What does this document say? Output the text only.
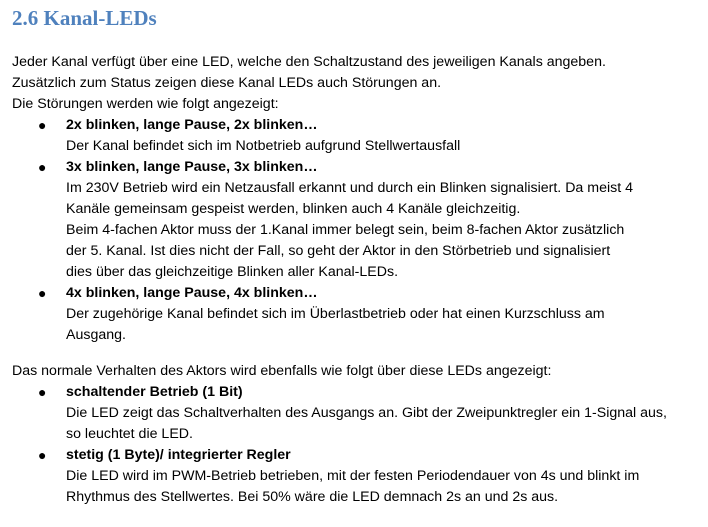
2.6 Kanal-LEDs
Jeder Kanal verfügt über eine LED, welche den Schaltzustand des jeweiligen Kanals angeben.
Zusätzlich zum Status zeigen diese Kanal LEDs auch Störungen an.
Die Störungen werden wie folgt angezeigt:
● 2x blinken, lange Pause, 2x blinken…
Der Kanal befindet sich im Notbetrieb aufgrund Stellwertausfall
● 3x blinken, lange Pause, 3x blinken…
Im 230V Betrieb wird ein Netzausfall erkannt und durch ein Blinken signalisiert. Da meist 4
Kanäle gemeinsam gespeist werden, blinken auch 4 Kanäle gleichzeitig.
Beim 4-fachen Aktor muss der 1.Kanal immer belegt sein, beim 8-fachen Aktor zusätzlich
der 5. Kanal. Ist dies nicht der Fall, so geht der Aktor in den Störbetrieb und signalisiert
dies über das gleichzeitige Blinken aller Kanal-LEDs.
● 4x blinken, lange Pause, 4x blinken…
Der zugehörige Kanal befindet sich im Überlastbetrieb oder hat einen Kurzschluss am
Ausgang.
Das normale Verhalten des Aktors wird ebenfalls wie folgt über diese LEDs angezeigt:
● schaltender Betrieb (1 Bit)
Die LED zeigt das Schaltverhalten des Ausgangs an. Gibt der Zweipunktregler ein 1-Signal aus,
so leuchtet die LED.
● stetig (1 Byte)/ integrierter Regler
Die LED wird im PWM-Betrieb betrieben, mit der festen Periodendauer von 4s und blinkt im
Rhythmus des Stellwertes. Bei 50% wäre die LED demnach 2s an und 2s aus.
